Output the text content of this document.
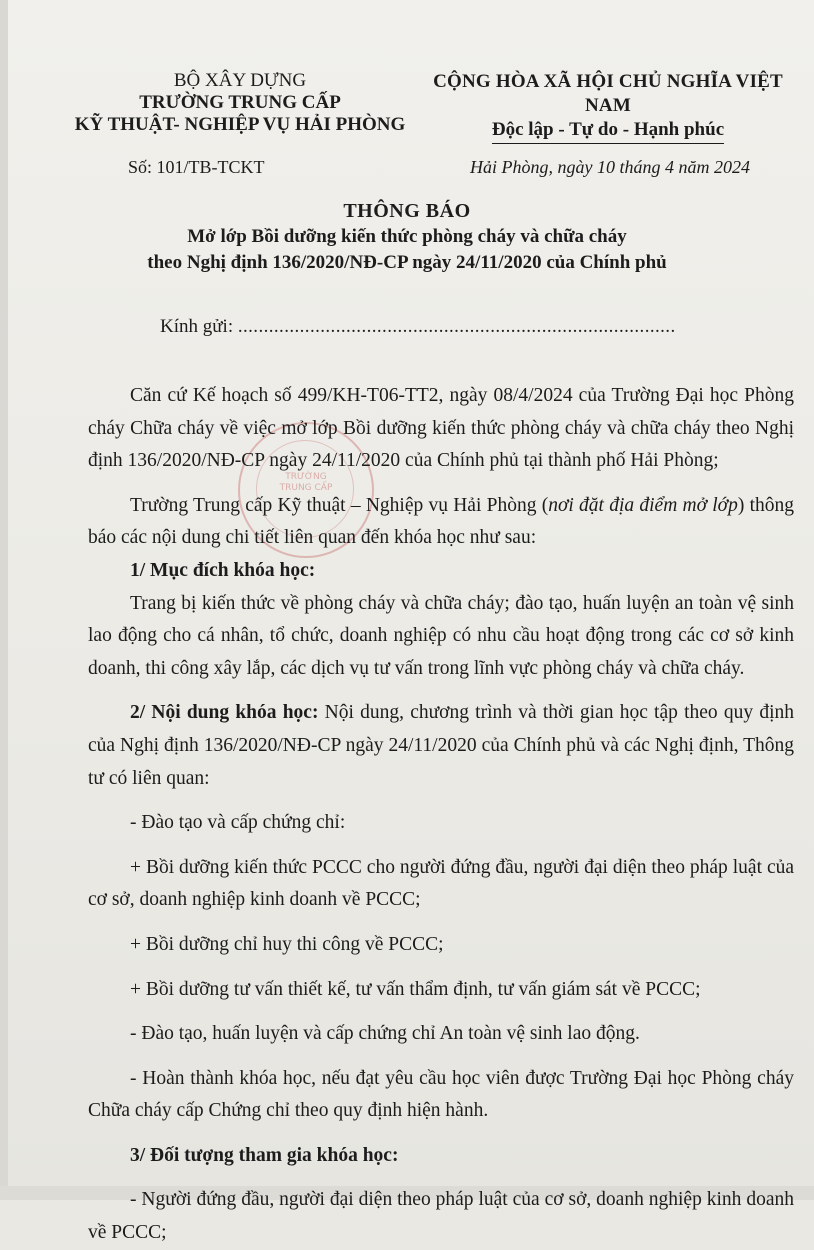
BỘ XÂY DỰNG
TRƯỜNG TRUNG CẤP
KỸ THUẬT- NGHIỆP VỤ HẢI PHÒNG
CỘNG HÒA XÃ HỘI CHỦ NGHĨA VIỆT NAM
Độc lập - Tự do - Hạnh phúc
Số: 101/TB-TCKT	Hải Phòng, ngày 10 tháng 4 năm 2024
THÔNG BÁO
Mở lớp Bồi dưỡng kiến thức phòng cháy và chữa cháy
theo Nghị định 136/2020/NĐ-CP ngày 24/11/2020 của Chính phủ
Kính gửi: .....................................................................................
TRƯỜNG
TRUNG CẤP

Căn cứ Kế hoạch số 499/KH-T06-TT2, ngày 08/4/2024 của Trường Đại học Phòng cháy Chữa cháy về việc mở lớp Bồi dưỡng kiến thức phòng cháy và chữa cháy theo Nghị định 136/2020/NĐ-CP ngày 24/11/2020 của Chính phủ tại thành phố Hải Phòng;

Trường Trung cấp Kỹ thuật – Nghiệp vụ Hải Phòng (nơi đặt địa điểm mở lớp) thông báo các nội dung chi tiết liên quan đến khóa học như sau:

1/ Mục đích khóa học:

Trang bị kiến thức về phòng cháy và chữa cháy; đào tạo, huấn luyện an toàn vệ sinh lao động cho cá nhân, tổ chức, doanh nghiệp có nhu cầu hoạt động trong các cơ sở kinh doanh, thi công xây lắp, các dịch vụ tư vấn trong lĩnh vực phòng cháy và chữa cháy.

2/ Nội dung khóa học: Nội dung, chương trình và thời gian học tập theo quy định của Nghị định 136/2020/NĐ-CP ngày 24/11/2020 của Chính phủ và các Nghị định, Thông tư có liên quan:

- Đào tạo và cấp chứng chỉ:

+ Bồi dưỡng kiến thức PCCC cho người đứng đầu, người đại diện theo pháp luật của cơ sở, doanh nghiệp kinh doanh về PCCC;

+ Bồi dưỡng chỉ huy thi công về PCCC;

+ Bồi dưỡng tư vấn thiết kế, tư vấn thẩm định, tư vấn giám sát về PCCC;

- Đào tạo, huấn luyện và cấp chứng chỉ An toàn vệ sinh lao động.

- Hoàn thành khóa học, nếu đạt yêu cầu học viên được Trường Đại học Phòng cháy Chữa cháy cấp Chứng chỉ theo quy định hiện hành.

3/ Đối tượng tham gia khóa học:

- Người đứng đầu, người đại diện theo pháp luật của cơ sở, doanh nghiệp kinh doanh về PCCC;
